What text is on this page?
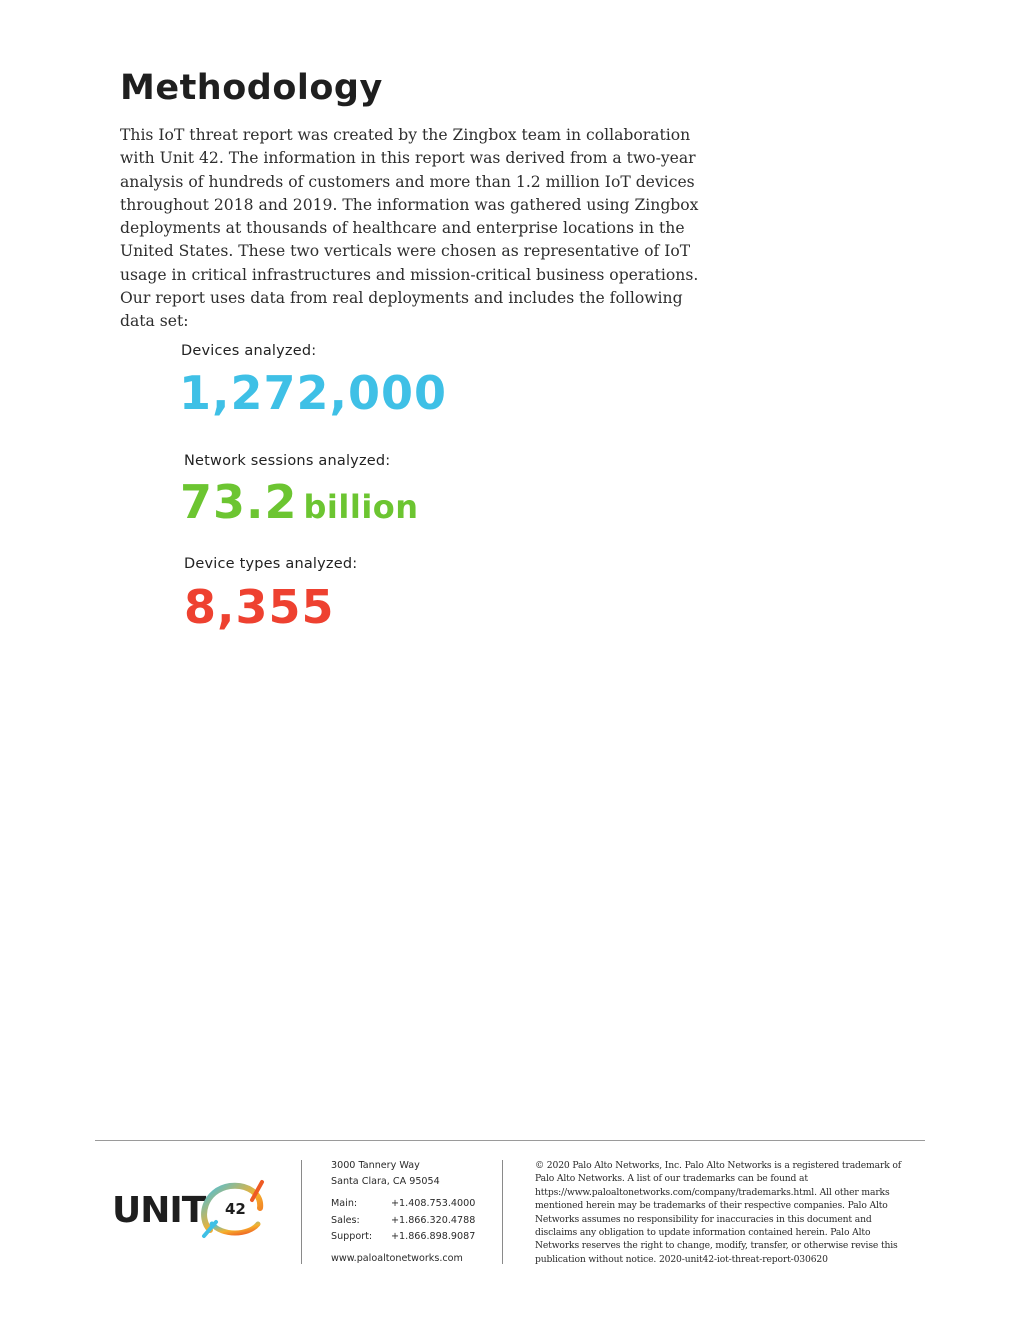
Methodology

This IoT threat report was created by the Zingbox team in collaboration with Unit 42. The information in this report was derived from a two-year analysis of hundreds of customers and more than 1.2 million IoT devices throughout 2018 and 2019. The information was gathered using Zingbox deployments at thousands of healthcare and enterprise locations in the United States. These two verticals were chosen as representative of IoT usage in critical infrastructures and mission-critical business operations. Our report uses data from real deployments and includes the following data set:

Devices analyzed:
1,272,000
Network sessions analyzed:
73.2 billion
Device types analyzed:
8,355
UNIT 42
3000 Tannery Way
Santa Clara, CA 95054
Main:	+1.408.753.4000
Sales:	+1.866.320.4788
Support:	+1.866.898.9087
www.paloaltonetworks.com
© 2020 Palo Alto Networks, Inc. Palo Alto Networks is a registered trademark of Palo Alto Networks. A list of our trademarks can be found at https://www.paloaltonetworks.com/company/trademarks.html. All other marks mentioned herein may be trademarks of their respective companies. Palo Alto Networks assumes no responsibility for inaccuracies in this document and disclaims any obligation to update information contained herein. Palo Alto Networks reserves the right to change, modify, transfer, or otherwise revise this publication without notice. 2020-unit42-iot-threat-report-030620
